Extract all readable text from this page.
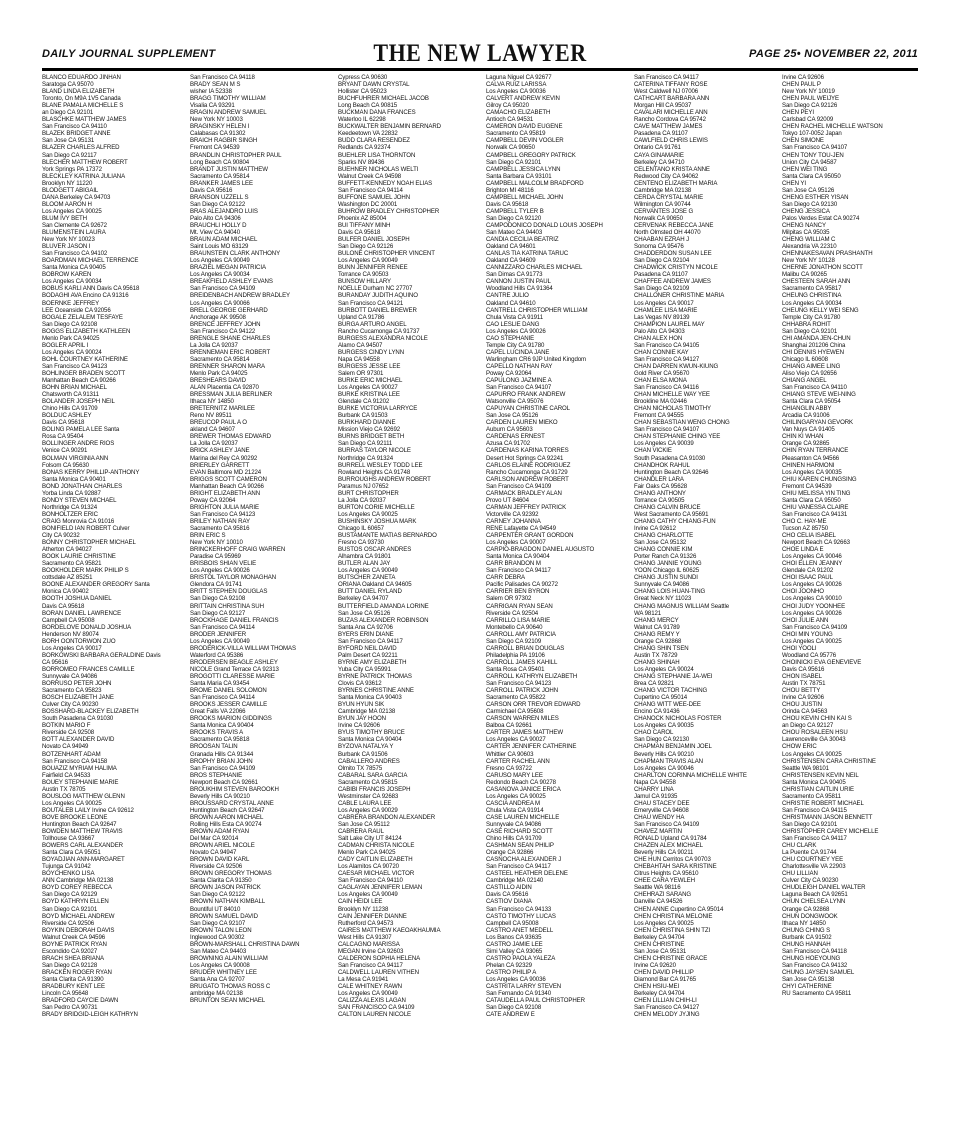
DAILY JOURNAL SUPPLEMENT	THE NEW LAWYER	PAGE 25• NOVEMBER 22, 2011
BLANCO EDUARDO JINHAN
Saratoga CA 95070
BLAND LINDA ELIZABETH
Toronto, On M9A 1V5 Canada
BLANE PAMALA MICHELLE S
an Diego CA 92101
BLASCHKE MATTHEW JAMES
San Francisco CA 94110
BLAZEK BRIDGET ANNE
San Jose CA 95131
BLAZER CHARLES ALFRED
San Diego CA 92117
BLECHER MATTHEW ROBERT
York Springs PA 17372
BLECKLEY KATRINA JULIANA
Brooklyn NY 11220
BLODGETT ABIGAIL
DANA Berkeley CA 94703
BLOOM AARON H
Los Angeles CA 90025
BLUM IVY BETH
San Clemente CA 92672
BLUMENSTEIN LAURA
New York NY 10023
BLUVER JASON I
San Francisco CA 94102
BOARDMAN MICHAEL TERRENCE
Santa Monica CA 90405
BOBROW KAREN
Los Angeles CA 90034
BOBUS KARLI ANN Davis CA 95618
BODAGHI AVA Encino CA 91316
BOERNKE JEFFREY
LEE Oceanside CA 92056
BOGALE ZELALEM TESFAYE
San Diego CA 92108
BOGGS ELIZABETH KATHLEEN
Menlo Park CA 94025
BOGLER APRIL I
Los Angeles CA 90024
BOHL COURTNEY KATHERINE
San Francisco CA 94123
BOHLINGER BRADEN SCOTT
Manhattan Beach CA 90266
BOHN BRIAN MICHAEL
Chatsworth CA 91311
BOLANDER JOSEPH NEIL
Chino Hills CA 91709
BOLDUC ASHLEY
Davis CA 95618
BOLING PAMELA LEE Santa
Rosa CA 95404
BOLLINGER ANDRE RIOS
Venice CA 90291
BOLMAN VIRGINIA ANN
Folsom CA 95630
BONAS KERRY PHILLIP-ANTHONY
Santa Monica CA 90401
BOND JONATHAN CHARLES
Yorba Linda CA 92887
BONDY STEVEN MICHAEL
Northridge CA 91324
BONHOLTZER ERIC
CRAIG Monrovia CA 91016
BONIFIELD IAN ROBERT Culver
City CA 90232
BONNY CHRISTOPHER MICHAEL
Atherton CA 94027
BOOK LAURIE CHRISTINE
Sacramento CA 95821
BOOKHOLDER MARK PHILIP S
cottsdale AZ 85251
BOONE ALEXANDER GREGORY Santa
Monica CA 90402
BOOTH JOSHUA DANIEL
Davis CA 95618
BORAN DANIEL LAWRENCE
Campbell CA 95008
BORDELOVE DONALD JOSHUA
Henderson NV 89074
BORH OONTORWON ZUO
Los Angeles CA 90017
BORKOWSKI BARBARA GERALDINE Davis
CA 95616
BORROMEO FRANCES CAMILLE
Sunnyvale CA 94086
BORRUSO PETER JOHN
Sacramento CA 95823
BOSCH ELIZABETH JANE
Culver City CA 90230
BOSSHARD-BLACKEY ELIZABETH
South Pasadena CA 91030
BOTKIN MARIO F
Riverside CA 92508
BOTT ALEXANDER DAVID
Novato CA 94949
BOTZENHART ADAM
San Francisco CA 94158
BOUAZIZ MYRIAM HALIMA
Fairfield CA 94533
BOUEY STEPHANIE MARIE
Austin TX 78705
BOUSLOG MATTHEW GLENN
Los Angeles CA 90025
BOUTALEB LAILY Irvine CA 92612
BOVE BROOKE LEONE
Huntington Beach CA 92647
BOWDEN MATTHEW TRAVIS
Tollhouse CA 93667
BOWERS CARL ALEXANDER
Santa Clara CA 95051
BOYADJIAN ANN-MARGARET
Tujunga CA 91042
BOYCHENKO LISA
ANN Cambridge MA 02138
BOYD COREY REBECCA
San Diego CA 92129
BOYD KATHRYN ELLEN
San Diego CA 92101
BOYD MICHAEL ANDREW
Riverside CA 92506
BOYKIN DEBORAH DAVIS
Walnut Creek CA 94596
BOYNE PATRICK RYAN
Escondido CA 92027
BRACH SHEA BRIANA
San Diego CA 92128
BRACKEN ROGER RYAN
Santa Clarita CA 91390
BRADBURY KENT LEE
Lincoln CA 95648
BRADFORD CAYCIE DAWN
San Pedro CA 90731
BRADY BRIDGID-LEIGH KATHRYN
San Francisco CA 94118
BRADY SEAN M S
wisher IA 52338
BRAGG TIMOTHY WILLIAM
Visalia CA 93291
BRAGIN ANDREW SAMUEL
New York NY 10003
BRAGINSKY HELEN I
Calabasas CA 91302
BRAICH RAGBIR SINGH
Fremont CA 94539
BRANDLIN CHRISTOPHER PAUL
Long Beach CA 90804
BRANDT JUSTIN MATTHEW
Sacramento CA 95814
BRANKER JAMES LEE
Davis CA 95616
BRANSON UZZELL S
San Diego CA 92122
BRAS ALEJANDRO LUIS
Palo Alto CA 94306
BRAUCHLI HOLLY D
Mt. View CA 94040
BRAUN ADAM MICHAEL
Saint Louis MO 63129
BRAUNSTEIN CLARK ANTHONY
Los Angeles CA 90049
BRAZIEL MEGAN PATRICIA
Los Angeles CA 90034
BREAKFIELD ASHLEY EVANS
San Francisco CA 94109
BREIDENBACH ANDREW BRADLEY
Los Angeles CA 90066
BRELL GEORGE GERHARD
Anchorage AK 99508
BRENCE JEFFREY JOHN
San Francisco CA 94122
BRENGLE SHANE CHARLES
La Jolla CA 92037
BRENNEMAN ERIC ROBERT
Sacramento CA 95814
BRENNER SHARON MARA
Menlo Park CA 94025
BRESHEARS DAVID
ALAN Placentia CA 92870
BRESSMAN JULIA BERLINER
Ithaca NY 14850
BRETERNITZ MARILEE
Reno NV 89511
BREUCOP PAUL A O
akland CA 94607
BREWER THOMAS EDWARD
La Jolla CA 92037
BRICK ASHLEY JANE
Marina del Rey CA 90292
BRIERLEY GARRETT
EVAN Baltimore MD 21224
BRIGGS SCOTT CAMERON
Manhattan Beach CA 90266
BRIGHT ELIZABETH ANN
Poway CA 92064
BRIGHTON JULIA MARIE
San Francisco CA 94123
BRILEY NATHAN RAY
Sacramento CA 95816
BRIN ERIC S
New York NY 10010
BRINCKERHOFF CRAIG WARREN
Paradise CA 95969
BRISBOIS SHIAN VELIE
Los Angeles CA 90026
BRISTOL TAYLOR MONAGHAN
Glendora CA 91741
BRITT STEPHEN DOUGLAS
San Diego CA 92108
BRITTAIN CHRISTINA SUH
San Diego CA 92127
BROCKHAGE DANIEL FRANCIS
San Francisco CA 94114
BRODER JENNIFER
Los Angeles CA 90049
BRODERICK-VILLA WILLIAM THOMAS
Waterford CA 95386
BRODERSEN BEAGLE ASHLEY
NICOLE Grand Terrace CA 92313
BROGOTTI CLARESSE MARIE
Santa Maria CA 93454
BROME DANIEL SOLOMON
San Francisco CA 94114
BROOKS JESSER CAMILLE
Great Falls VA 22066
BROOKS MARION GIDDINGS
Santa Monica CA 90404
BROOKS TRAVIS A
Sacramento CA 95818
BROOSAN TALIN
Granada Hills CA 91344
BROPHY BRIAN JOHN
San Francisco CA 94109
BROS STEPHANIE
Newport Beach CA 92661
BROUKHIM STEVEN BAROOKH
Beverly Hills CA 90210
BROUSSARD CRYSTAL ANNE
Huntington Beach CA 92647
BROWN AARON MICHAEL
Rolling Hills Esta CA 90274
BROWN ADAM RYAN
Del Mar CA 92014
BROWN ARIEL NICOLE
Novato CA 94947
BROWN DAVID KARL
Riverside CA 92506
BROWN GREGORY THOMAS
Santa Clarita CA 91350
BROWN JASON PATRICK
San Diego CA 92122
BROWN NATHAN KIMBALL
Bountiful UT 84010
BROWN SAMUEL DAVID
San Diego CA 92107
BROWN TALON LEON
Inglewood CA 90302
BROWN-MARSHALL CHRISTINA DAWN
San Mateo CA 94403
BROWNING ALAIN WILLIAM
Los Angeles CA 90008
BRUDER WHITNEY LEE
Santa Ana CA 92707
BRUGATO THOMAS ROSS C
ambridge MA 02138
BRUNTON SEAN MICHAEL
Cypress CA 90630
BRYANT DAWN CRYSTAL
Hollister CA 95023
BUCHFUHRER MICHAEL JACOB
Long Beach CA 90815
BUCKMAN DANA FRANCES
Waterloo IL 62298
BUCKWALTER BENJAMIN BERNARD
Keedeetown VA 22832
BUDD CLARA RESENDEZ
Redlands CA 92374
BUEHLER LISA THORNTON
Sparks NV 89436
BUEHNER NICHOLAS WELTI
Walnut Creek CA 94598
BUFFETT-KENNEDY NOAH ELIAS
San Francisco CA 94114
BUFFONE SAMUEL JOHN
Washington DC 20001
BUHROW BRADLEY CHRISTOPHER
Phoenix AZ 85004
BUI TIFFANY MINH
Davis CA 95618
BULFER DANIEL JOSEPH
San Diego CA 92126
BULONE CHRISTOPHER VINCENT
Los Angeles CA 90049
BUNN JENNIFER RENEE
Torrance CA 90503
BUNSOW HILLARY
NOELLE Durham NC 27707
BURANDAY JUDITH AQUINO
San Francisco CA 94121
BURBOTT DANIEL BREWER
Upland CA 91786
BURGA ARTURO ANGEL
Rancho Cucamonga CA 91737
BURGESS ALEXANDRA NICOLE
Alamo CA 94507
BURGESS CINDY LYNN
Napa CA 94558
BURGESS JESSE LEE
Salem OR 97301
BURKE ERIC MICHAEL
Los Angeles CA 90027
BURKE KRISTINA LEE
Glendale CA 91202
BURKE VICTORIA LARRYCE
Burbank CA 91503
BURKHARD DIANNE
Mission Viejo CA 92692
BURNS BRIDGET BETH
San Diego CA 92111
BURRAS TAYLOR NICOLE
Northridge CA 91324
BURRELL WESLEY TODD LEE
Rowland Heights CA 91748
BURROUGHS ANDREW ROBERT
Paramus NJ 07652
BURT CHRISTOPHER
La Jolla CA 92037
BURTON CORIE MICHELLE
Los Angeles CA 90025
BUSHINSKY JOSHUA MARK
Chicago IL 60657
BUSTAMANTE MATIAS BERNARDO
Fresno CA 93730
BUSTOS OSCAR ANDRES
Alhambra CA 91801
BUTLER ALAN JAY
Los Angeles CA 90049
BUTSCHER ZANETA
ORIANA Oakland CA 94605
BUTT DANIEL RYLAND
Berkeley CA 94707
BUTTERFIELD AMANDA LORINE
San Jose CA 95126
BUZAS ALEXANDER ROBINSON
Santa Ana CA 92706
BYERS ERIN DIANE
San Francisco CA 94117
BYFORD NEIL DAVID
Palm Desert CA 92211
BYRNE AMY ELIZABETH
Yuba City CA 95991
BYRNE PATRICK THOMAS
Clovis CA 93612
BYRNES CHRISTINE ANNE
Santa Monica CA 90403
BYUN HYUN SIK
Cambridge MA 02138
BYUN JAY HOON
Irvine CA 92606
BYUS TIMOTHY BRUCE
Santa Monica CA 90404
BYZOVA NATALYA Y
Burbank CA 91506
CABALLERO ANDRES
Olmito TX 78575
CABARAL SARA GARCIA
Sacramento CA 95815
CABIBI FRANCIS JOSEPH
Westminster CA 92683
CABLE LAURA LEE
Los Angeles CA 90029
CABRERA BRANDON ALEXANDER
San Jose CA 95112
CABRERA RAUL
Salt Lake City UT 84124
CADMAN CHRISTA NICOLE
Menlo Park CA 94025
CADY CAITLIN ELIZABETH
Los Alamitos CA 90720
CAESAR MICHAEL VICTOR
San Francisco CA 94110
CAGLAYAN JENNIFER LEMAN
Los Angeles CA 90049
CAIN HEIDI LEE
Brooklyn NY 11238
CAIN JENNIFER DIANNE
Rutherford CA 94573
CAIRES MATTHEW KAEOAKHAUMIA
West Hills CA 91307
CALCAGNO MARISSA
MEGAN Irvine CA 92603
CALDERON SOPHIA HELENA
San Francisco CA 94117
CALDWELL LAUREN VITHEN
La Mesa CA 91941
CALE WHITNEY RAWN
Los Angeles CA 90049
CALIZZA ALEXIS LAGAN
SAN FRANCISCO CA 94109
CALTON LAUREN NICOLE
Laguna Niguel CA 92677
CALVA RUIZ LARISSA
Los Angeles CA 90036
CALVERT ANDREW KEVIN
Gilroy CA 95020
CAMACHO ELIZABETH
Antioch CA 94531
CAMERON DAVID EUGENE
Sacramento CA 95819
CAMPBELL DEVIN VOGLER
Norwalk CA 90650
CAMPBELL GREGORY PATRICK
San Diego CA 92101
CAMPBELL JESSICA LYNN
Santa Barbara CA 93101
CAMPBELL MALCOLM BRADFORD
Brighton MI 48116
CAMPBELL MICHAEL JOHN
Davis CA 95618
CAMPBELL TYLER B
San Diego CA 92120
CAMPODONICO DONALD LOUIS JOSEPH
San Mateo CA 94403
CANDIA CECILIA BEATRIZ
Oakland CA 94601
CANLAS TIA KATRINA TARUC
Oakland CA 94609
CANNIZZARO CHARLES MICHAEL
San Dimas CA 91773
CANNON JUSTIN PAUL
Woodland Hills CA 91364
CANTRE JULIO
Oakland CA 94610
CANTRELL CHRISTOPHER WILLIAM
Chula Vista CA 91911
CAO LESLIE DANG
Los Angeles CA 90026
CAO STEPHANIE
Temple City CA 91780
CAPEL LUCINDA JANE
Warlingham CR6 9JP United Kingdom
CAPELLO NATHAN RAY
Poway CA 92064
CAPULONG JAZMINE A
San Francisco CA 94107
CAPURRO FRANK ANDREW
Watsonville CA 95076
CAPUYAN CHRISTINE CAROL
San Jose CA 95126
CARDEN LAUREN MIEKO
Auburn CA 95603
CARDENAS ERNEST
Azusa CA 91702
CARDENAS KARINA TORRES
Desert Hot Springs CA 92241
CARLOS ELAINE RODRIGUEZ
Rancho Cucamonga CA 91729
CARLSON ANDREW ROBERT
San Francisco CA 94109
CARMACK BRADLEY ALAN
Provo UT 84604
CARMAN JEFFREY PATRICK
Victorville CA 92392
CARNEY JOHANNA
RENE Lafayette CA 94549
CARPENTER GRANT GORDON
Los Angeles CA 90007
CARPIO-BRAGDON DANIEL AUGUSTO
Santa Monica CA 90404
CARR BRANDON M
San Francisco CA 94117
CARR DEBRA
Pacific Palisades CA 90272
CARRIER BEN BYRON
Salem OR 97302
CARRIGAN RYAN SEAN
Riverside CA 92504
CARRILLO LISA MARIE
Montebello CA 90640
CARROLL AMY PATRICIA
San Diego CA 92109
CARROLL BRIAN DOUGLAS
Philadelphia PA 19106
CARROLL JAMES KAHILL
Santa Rosa CA 95401
CARROLL KATHRYN ELIZABETH
San Francisco CA 94123
CARROLL PATRICK JOHN
Sacramento CA 95822
CARSON ORR TREVOR EDWARD
Carmichael CA 95608
CARSON WARREN MILES
Balboa CA 92661
CARTER JAMES MATTHEW
Los Angeles CA 90027
CARTER JENNIFER CATHERINE
Whittier CA 90603
CARTER RACHEL ANN
Fresno CA 93722
CARUSO MARY LEE
Redondo Beach CA 90278
CASANOVA JANICE ERICA
Los Angeles CA 90025
CASCIA ANDREA M
Chula Vista CA 91914
CASE LAUREN MICHELLE
Sunnyvale CA 94086
CASE RICHARD SCOTT
Chino Hills CA 91709
CASHMAN SEAN PHILIP
Orange CA 92866
CASNOCHA ALEXANDER J
San Francisco CA 94117
CASTEEL HEATHER DELENE
Cambridge MA 02140
CASTILLO AIDIN
Davis CA 95616
CASTIOV DIANA
San Francisco CA 94133
CASTO TIMOTHY LUCAS
Campbell CA 95008
CASTRO ANET MEDELL
Los Banos CA 93635
CASTRO JAMIE LEE
Simi Valley CA 93065
CASTRO PAOLA YALEZA
Phelan CA 92329
CASTRO PHILIP A
Los Angeles CA 90036
CASTRITA LARRY STEVEN
San Fernando CA 91340
CATAUDELLA PAUL CHRISTOPHER
San Diego CA 92108
CATE ANDREW E
San Francisco CA 94117
CATERINA TIFFANY ROSE
West Caldwell NJ 07006
CATHCART BARBARA ANN
Morgan Hill CA 95037
CAVALARI MICHELLE ANN
Rancho Cordova CA 95742
CAVE MATTHEW JAMES
Pasadena CA 91107
CAWLFIELD CHRIS LEWIS
Ontario CA 91761
CAYA GINAMARIE
Berkeley CA 94710
CELENTANO KRISTA ANNE
Redwood City CA 94062
CENTENO ELIZABETH MARIA
Cambridge MA 02138
CERDA CRYSTAL MARIE
Wilmington CA 90744
CERVANTES JOSE G
Norwalk CA 90650
CERVENAK REBECCA JANE
North Olmsted OH 44070
CHAABAN EZRAH J
Sonoma CA 95476
CHADDERDON SUSAN LEE
San Diego CA 92104
CHADWICK CRISTYN NICOLE
Pasadena CA 91107
CHAFFEE ANDREW JAMES
San Diego CA 92109
CHALLONER CHRISTINE MARIA
Los Angeles CA 90017
CHAMLEE LISA MARIE
Las Vegas NV 89139
CHAMPION LAUREL MAY
Palo Alto CA 94303
CHAN ALEX HON
San Francisco CA 94105
CHAN CONNIE KAY
San Francisco CA 94127
CHAN DARREN KWUN-KIUNG
Gold River CA 95670
CHAN ELSA MONA
San Francisco CA 94116
CHAN MICHELLE WAY YEE
Brookline MA 02446
CHAN NICHOLAS TIMOTHY
Fremont CA 94555
CHAN SEBASTIAN WENG CHONG
San Francisco CA 94107
CHAN STEPHANIE CHING YEE
Los Angeles CA 90039
CHAN VICKIE
South Pasadena CA 91030
CHANDHOK RAHUL
Huntington Beach CA 92646
CHANDLER LARA
Fair Oaks CA 95628
CHANG ANTHONY
Torrance CA 90505
CHANG CALVIN BRUCE
West Sacramento CA 95691
CHANG CATHY CHIANG-FUN
Irvine CA 92612
CHANG CHARLOTTE
San Jose CA 95132
CHANG CONNIE KIM
Porter Ranch CA 91326
CHANG JANNIE YOUNG
YOON Chicago IL 60625
CHANG JUSTIN SUNDI
Sunnyvale CA 94086
CHANG LOIS HUAN-TING
Great Neck NY 11023
CHANG MAGNUS WILLIAM Seattle
WA 98121
CHANG MERCY
Walnut CA 91789
CHANG REMY Y
Orange CA 92868
CHANG SHIN TSEN
Austin TX 78729
CHANG SHINAH
Los Angeles CA 90024
CHANG STEPHANIE JA-WEI
Brea CA 92821
CHANG VICTOR TACHING
Cupertino CA 95014
CHANG WITT WEE-DEE
Encino CA 91436
CHANOCK NICHOLAS FOSTER
Los Angeles CA 90035
CHAO CAROL
San Diego CA 92130
CHAPMAN BENJAMIN JOEL
Beverly Hills CA 90210
CHAPMAN TRAVIS ALAN
Los Angeles CA 90046
CHARLTON CORINNA MICHELLE WHITE
Napa CA 94558
CHARRY LINA
Jamul CA 91935
CHAU STACEY DEE
Emeryville CA 94608
CHAU WENDY HA
San Francisco CA 94109
CHAVEZ MARTIN
RONALD Upland CA 91784
CHAZEN ALEX MICHAEL
Beverly Hills CA 90211
CHE HUN Cerritos CA 90703
CHEBAHTAH SARA KRISTINE
Citrus Heights CA 95610
CHEE CARA YEWLEH
Seattle WA 98116
CHEHRAZI SARANG
Danville CA 94526
CHEN ANNE Cupertino CA 95014
CHEN CHRISTINA MELONIE
Los Angeles CA 90025
CHEN CHRISTINA SHIN TZI
Berkeley CA 94704
CHEN CHRISTINE
San Jose CA 95131
CHEN CHRISTINE GRACE
Irvine CA 92620
CHEN DAVID PHILLIP
Diamond Bar CA 91765
CHEN HSIU-MEI
Berkeley CA 94704
CHEN LILLIAN CHIH-LI
San Francisco CA 94127
CHEN MELODY JYJING
Irvine CA 92606
CHEN PAUL P
New York NY 10019
CHEN PAUL WEIJYE
San Diego CA 92126
CHEN PEYI
Carlsbad CA 92009
CHEN RACHEL MICHELLE WATSON
Tokyo 107-0052 Japan
CHEN SIMONE
San Francisco CA 94107
CHEN TONY TOU-JEN
Union City CA 94587
CHEN WEI TING
Santa Clara CA 95050
CHEN YI
San Jose CA 95126
CHENG ESTHER YISAN
San Diego CA 92130
CHENG JESSICA
Palos Verdes Estat CA 90274
CHENG NANCY
Milpitas CA 95035
CHENG WILLIAM C
Alexandria VA 22310
CHENNAKESAVAN PRASHANTH
New York NY 10128
CHERNE JONATHON SCOTT
Malibu CA 90265
CHESTEEN SARAH ANN
Sacramento CA 95817
CHEUNG CHRISTINA
Los Angeles CA 90034
CHEUNG KELLY WEI SENG
Temple City CA 91780
CHHABRA ROHIT
San Diego CA 92101
CHI AMANDA JEN-CHUN
Shanghai 201206 China
CHI DENNIS HYEWEN
Chicago IL 60608
CHIANG AIMEE LING
Aliso Viejo CA 92656
CHIANG ANGEL
San Francisco CA 94110
CHIANG STEVE WEI-NING
Santa Clara CA 95054
CHIANGLIN ABBY
Arcadia CA 91006
CHILINGARYAN GEVORK
Van Nuys CA 91405
CHIN KI WHAN
Orange CA 92865
CHIN RYAN TERRANCE
Pleasanton CA 94566
CHINEN HARMONI
Los Angeles CA 90035
CHIU KAREN CHUNGSING
Fremont CA 94539
CHIU MELISSA YIN TING
Santa Clara CA 95050
CHIU VANESSA CLAIRE
San Francisco CA 94131
CHO C. HAY-ME
Tucson AZ 85750
CHO CELIA ISABEL
Newport Beach CA 92663
CHOE LINDA E
Los Angeles CA 90046
CHOI ELLEN JEANNY
Glendale CA 91202
CHOI ISAAC PAUL
Los Angeles CA 90026
CHOI JOONHO
Los Angeles CA 90010
CHOI JUDY YOONHEE
Los Angeles CA 90026
CHOI JULIE ANN
San Francisco CA 94109
CHOI MIN YOUNG
Los Angeles CA 90025
CHOI YOOLI
Woodland CA 95776
CHOINICKI EVA GENEVIEVE
Davis CA 95616
CHON ISABEL
Austin TX 78751
CHOU BETTY
Irvine CA 92606
CHOU JUSTIN
Orinda CA 94563
CHOU KEVIN CHIN KAI S
an Diego CA 92127
CHOU ROSALEEN HSU
Lawrenceville GA 30043
CHOW ERIC
Los Angeles CA 90025
CHRISTENSEN CARA CHRISTINE
Seattle WA 98101
CHRISTENSEN KEVIN NEIL
Santa Monica CA 90405
CHRISTIAN CAITLIN URIE
Sacramento CA 95811
CHRISTIE ROBERT MICHAEL
San Francisco CA 94115
CHRISTMANN JASON BENNETT
San Diego CA 92101
CHRISTOPHER CAREY MICHELLE
San Francisco CA 94117
CHU CLARK
La Puente CA 91744
CHU COURTNEY YEE
Charlottesville VA 22903
CHU LILLIAN
Culver City CA 90230
CHUDLEIGH DANIEL WALTER
Laguna Beach CA 92651
CHUN CHELSEA LYNN
Orange CA 92868
CHUN DONGWOOK
Ithaca NY 14850
CHUNG CHING S
Burbank CA 91502
CHUNG HANNAH
San Francisco CA 94118
CHUNG HOEYOUNG
San Francisco CA 94132
CHUNG JAYSEN SAMUEL
San Jose CA 95138
CHYI CATHERINE
RU Sacramento CA 95811
